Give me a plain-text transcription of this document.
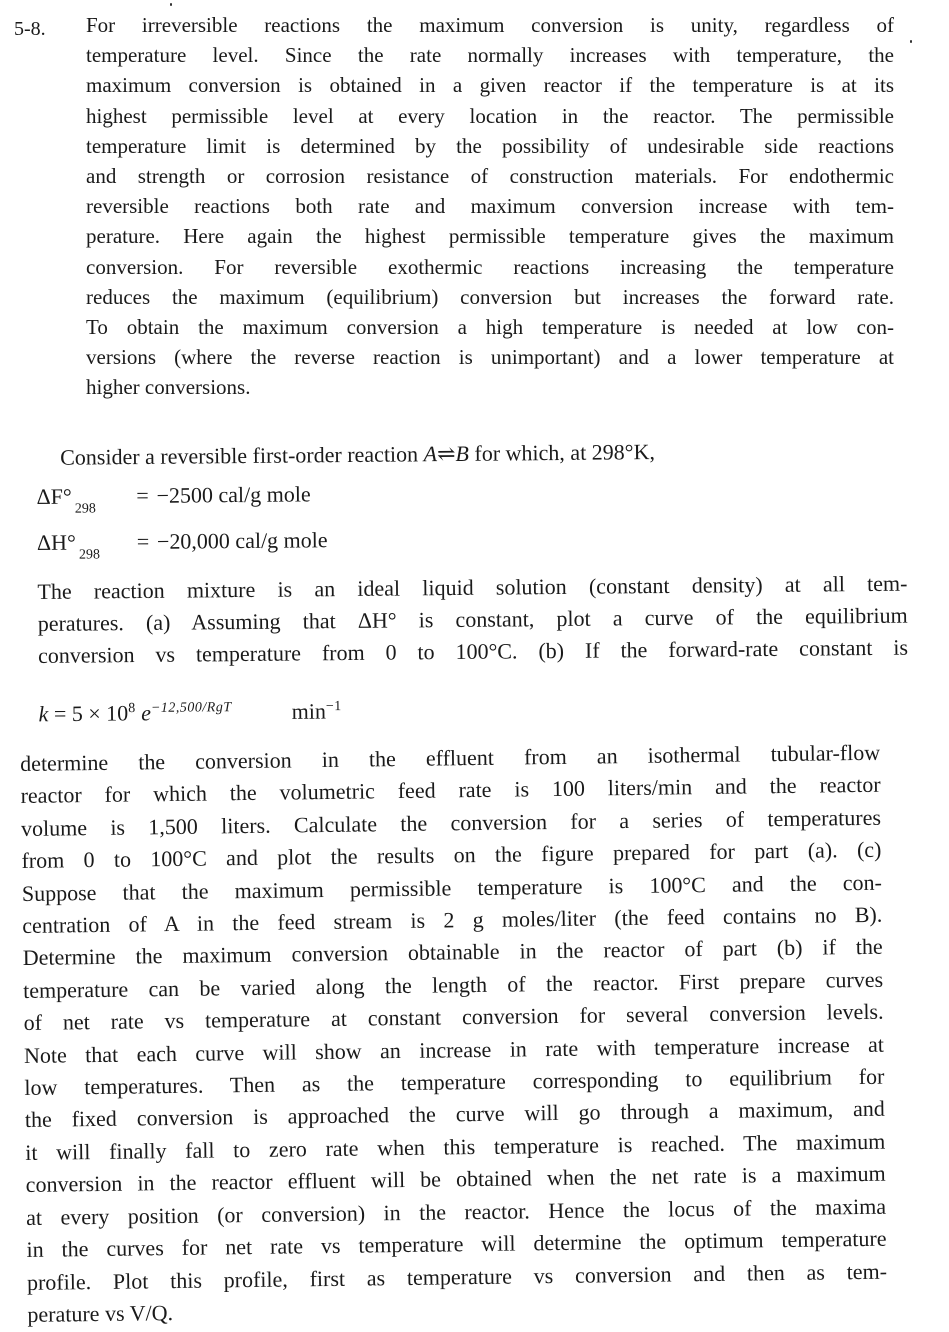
5-8. For irreversible reactions the maximum conversion is unity, regardless of
temperature level. Since the rate normally increases with temperature, the
maximum conversion is obtained in a given reactor if the temperature is at its
highest permissible level at every location in the reactor. The permissible
temperature limit is determined by the possibility of undesirable side reactions
and strength or corrosion resistance of construction materials. For endothermic
reversible reactions both rate and maximum conversion increase with tem-
perature. Here again the highest permissible temperature gives the maximum
conversion. For reversible exothermic reactions increasing the temperature
reduces the maximum (equilibrium) conversion but increases the forward rate.
To obtain the maximum conversion a high temperature is needed at low con-
versions (where the reverse reaction is unimportant) and a lower temperature at
higher conversions.
Consider a reversible first-order reaction A⇌B for which, at 298°K,
$\Delta F^\circ_{298}= -2500$ cal/g mole
ΔH° $_{298}$= −20,000 cal/g mole
The reaction mixture is an ideal liquid solution (constant density) at all tem-
peratures. (a) Assuming that ΔH° is constant, plot a curve of the equilibrium
conversion vs temperature from 0 to 100°C. (b) If the forward-rate constant is
$k = 5 \times 10^8$ $e^{-12,500/RgT}$	$\min^{-1}$
determine the conversion in the effluent from an isothermal tubular-flow
reactor for which the volumetric feed rate is 100 liters/min and the reactor
volume is 1,500 liters. Calculate the conversion for a series of temperatures
from 0 to 100°C and plot the results on the figure prepared for part (a). (c)
Suppose that the maximum permissible temperature is 100°C and the con-
centration of A in the feed stream is 2 g moles/liter (the feed contains no B).
Determine the maximum conversion obtainable in the reactor of part (b) if the
temperature can be varied along the length of the reactor. First prepare curves
of net rate vs temperature at constant conversion for several conversion levels.
Note that each curve will show an increase in rate with temperature increase at
low temperatures. Then as the temperature corresponding to equilibrium for
the fixed conversion is approached the curve will go through a maximum, and
it will finally fall to zero rate when this temperature is reached. The maximum
conversion in the reactor effluent will be obtained when the net rate is a maximum
at every position (or conversion) in the reactor. Hence the locus of the maxima
in the curves for net rate vs temperature will determine the optimum temperature
profile. Plot this profile, first as temperature vs conversion and then as tem-
perature vs V/Q.
